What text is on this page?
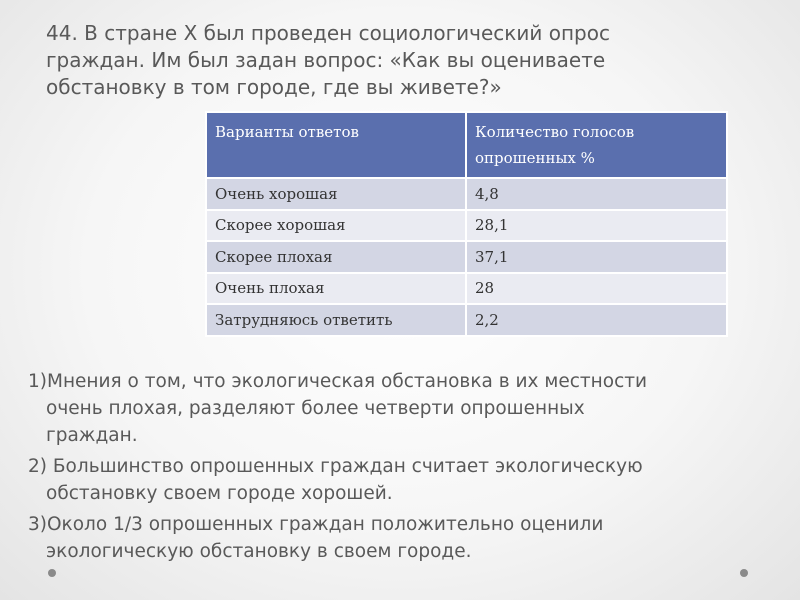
44. В стране Х был проведен социологический опрос
граждан. Им был задан вопрос: «Как вы оцениваете
обстановку в том городе, где вы живете?»
Варианты ответов	Количество голосов опрошенных %
Очень хорошая	4,8
Скорее хорошая	28,1
Скорее плохая	37,1
Очень плохая	28
Затрудняюсь ответить	2,2
1)Мнения о том, что экологическая обстановка в их местности
очень плохая, разделяют более четверти опрошенных
граждан.
2) Большинство опрошенных граждан считает экологическую
обстановку своем городе хорошей.
3)Около 1/3 опрошенных граждан положительно оценили
экологическую обстановку в своем городе.
